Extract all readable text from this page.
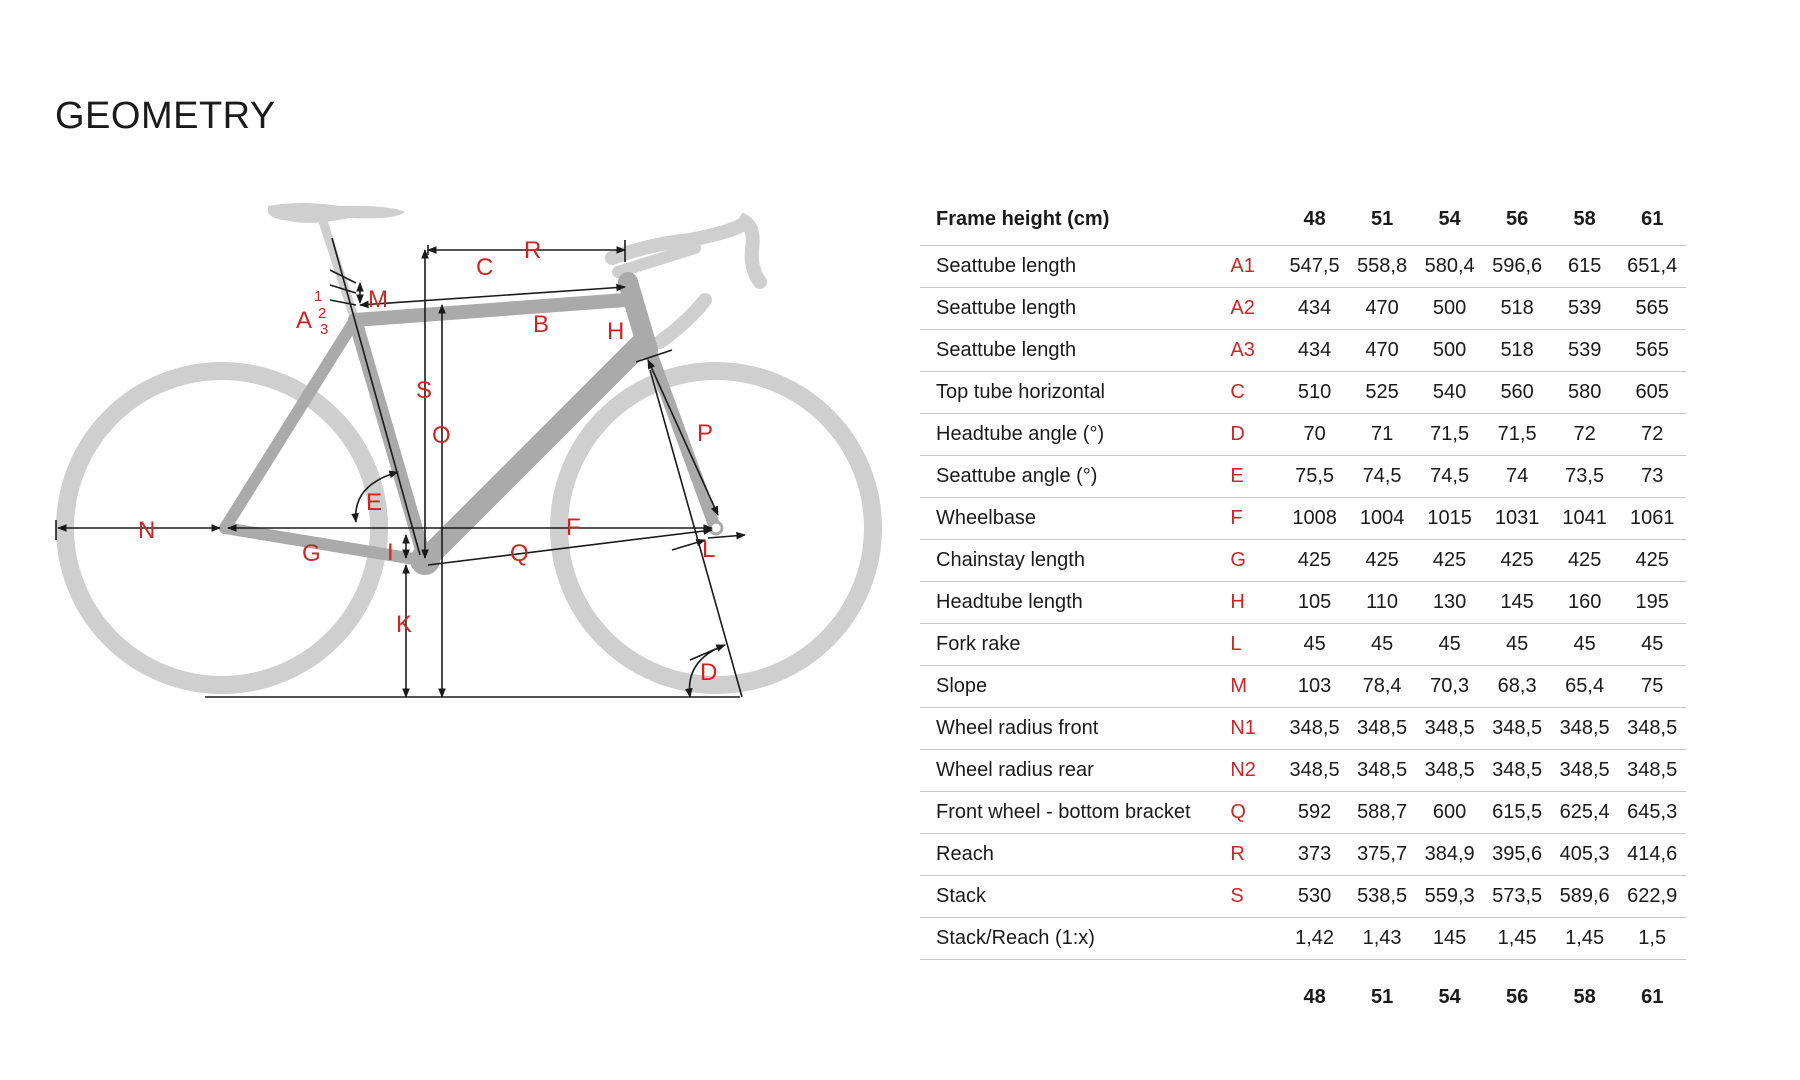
GEOMETRY
A
1
2
3
M
C
R
B H
S
O	P
E
N	F
G	I	Q	L
K
D
Frame height (cm)		48	51	54	56	58	61
Seattube length	A1	547,5	558,8	580,4	596,6	615	651,4
Seattube length	A2	434	470	500	518	539	565
Seattube length	A3	434	470	500	518	539	565
Top tube horizontal	C	510	525	540	560	580	605
Headtube angle (°)	D	70	71	71,5	71,5	72	72
Seattube angle (°)	E	75,5	74,5	74,5	74	73,5	73
Wheelbase	F	1008	1004	1015	1031	1041	1061
Chainstay length	G	425	425	425	425	425	425
Headtube length	H	105	110	130	145	160	195
Fork rake	L	45	45	45	45	45	45
Slope	M	103	78,4	70,3	68,3	65,4	75
Wheel radius front	N1	348,5	348,5	348,5	348,5	348,5	348,5
Wheel radius rear	N2	348,5	348,5	348,5	348,5	348,5	348,5
Front wheel - bottom bracket	Q	592	588,7	600	615,5	625,4	645,3
Reach	R	373	375,7	384,9	395,6	405,3	414,6
Stack	S	530	538,5	559,3	573,5	589,6	622,9
Stack/Reach (1:x)		1,42	1,43	145	1,45	1,45	1,5
		48	51	54	56	58	61
